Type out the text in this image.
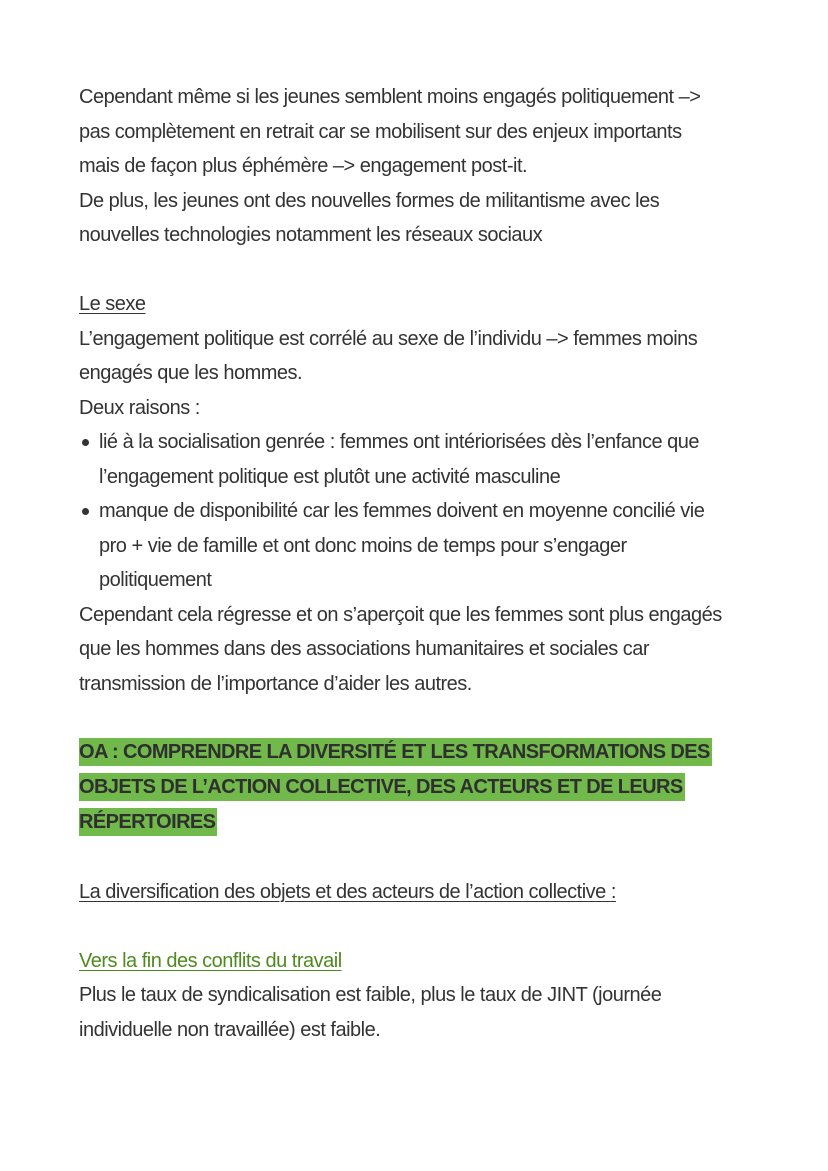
Cependant même si les jeunes semblent moins engagés politiquement –>
pas complètement en retrait car se mobilisent sur des enjeux importants
mais de façon plus éphémère –> engagement post-it.
De plus, les jeunes ont des nouvelles formes de militantisme avec les
nouvelles technologies notamment les réseaux sociaux
Le sexe
L’engagement politique est corrélé au sexe de l’individu –> femmes moins
engagés que les hommes.
Deux raisons :
lié à la socialisation genrée : femmes ont intériorisées dès l’enfance que
l’engagement politique est plutôt une activité masculine
manque de disponibilité car les femmes doivent en moyenne concilié vie
pro + vie de famille et ont donc moins de temps pour s’engager
politiquement
Cependant cela régresse et on s’aperçoit que les femmes sont plus engagés
que les hommes dans des associations humanitaires et sociales car
transmission de l’importance d’aider les autres.
OA : COMPRENDRE LA DIVERSITÉ ET LES TRANSFORMATIONS DES
OBJETS DE L’ACTION COLLECTIVE, DES ACTEURS ET DE LEURS
RÉPERTOIRES
La diversification des objets et des acteurs de l’action collective :
Vers la fin des conflits du travail
Plus le taux de syndicalisation est faible, plus le taux de JINT (journée
individuelle non travaillée) est faible.
